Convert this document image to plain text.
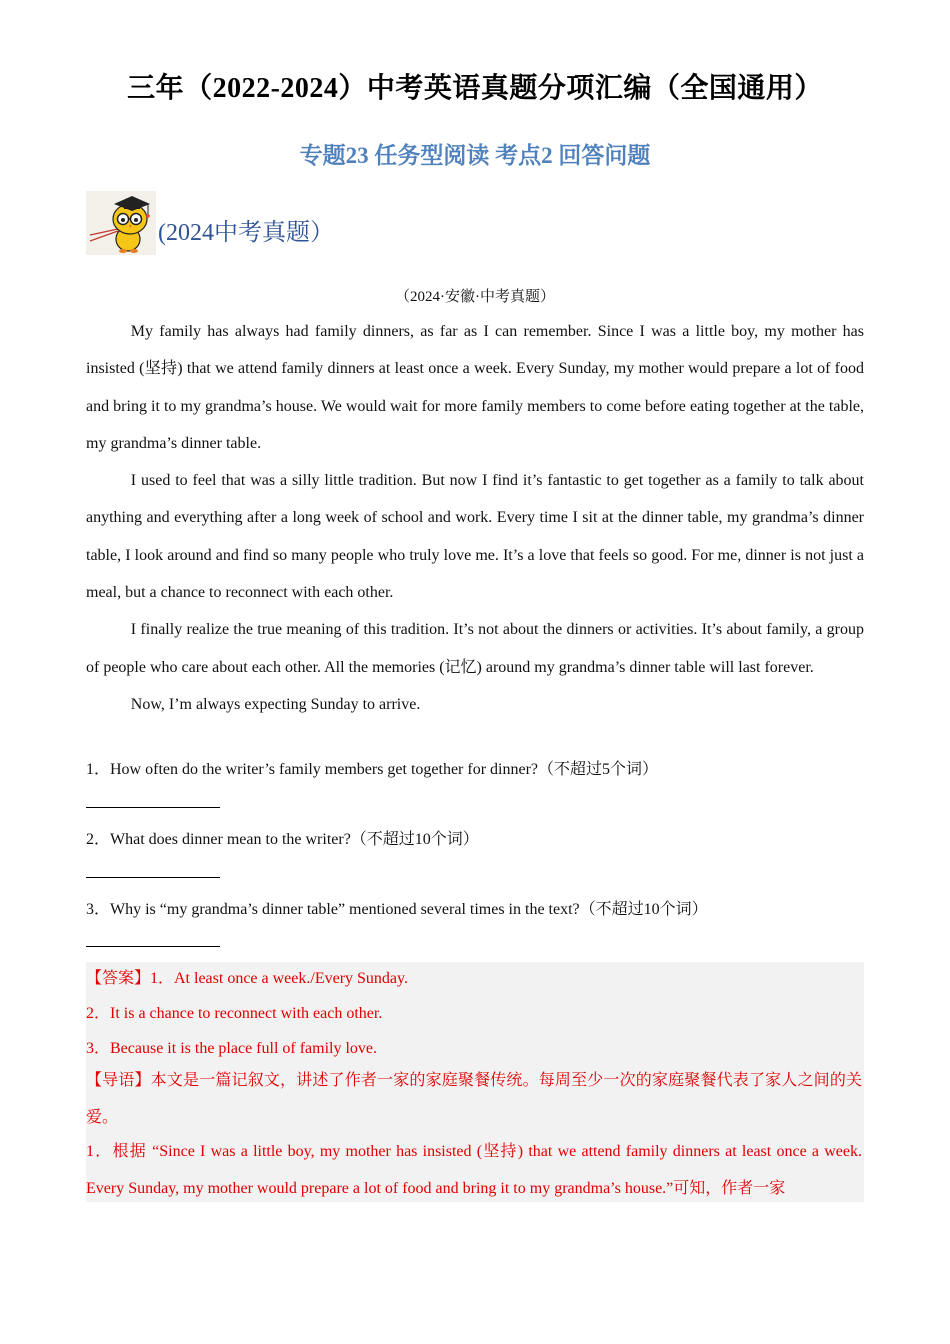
三年（2022-2024）中考英语真题分项汇编（全国通用）
专题23 任务型阅读 考点2 回答问题
(2024中考真题）
（2024·安徽·中考真题）

My family has always had family dinners, as far as I can remember. Since I was a little boy, my mother has insisted (坚持) that we attend family dinners at least once a week. Every Sunday, my mother would prepare a lot of food and bring it to my grandma’s house. We would wait for more family members to come before eating together at the table, my grandma’s dinner table.

I used to feel that was a silly little tradition. But now I find it’s fantastic to get together as a family to talk about anything and everything after a long week of school and work. Every time I sit at the dinner table, my grandma’s dinner table, I look around and find so many people who truly love me. It’s a love that feels so good. For me, dinner is not just a meal, but a chance to reconnect with each other.

I finally realize the true meaning of this tradition. It’s not about the dinners or activities. It’s about family, a group of people who care about each other. All the memories (记忆) around my grandma’s dinner table will last forever.

Now, I’m always expecting Sunday to arrive.

1．How often do the writer’s family members get together for dinner?（不超过5个词）
2．What does dinner mean to the writer?（不超过10个词）
3．Why is “my grandma’s dinner table” mentioned several times in the text?（不超过10个词）
【答案】1．At least once a week./Every Sunday.
2．It is a chance to reconnect with each other.
3．Because it is the place full of family love.
【导语】本文是一篇记叙文，讲述了作者一家的家庭聚餐传统。每周至少一次的家庭聚餐代表了家人之间的关爱。
1．根据 “Since I was a little boy, my mother has insisted (坚持) that we attend family dinners at least once a week. Every Sunday, my mother would prepare a lot of food and bring it to my grandma’s house.”可知，作者一家
